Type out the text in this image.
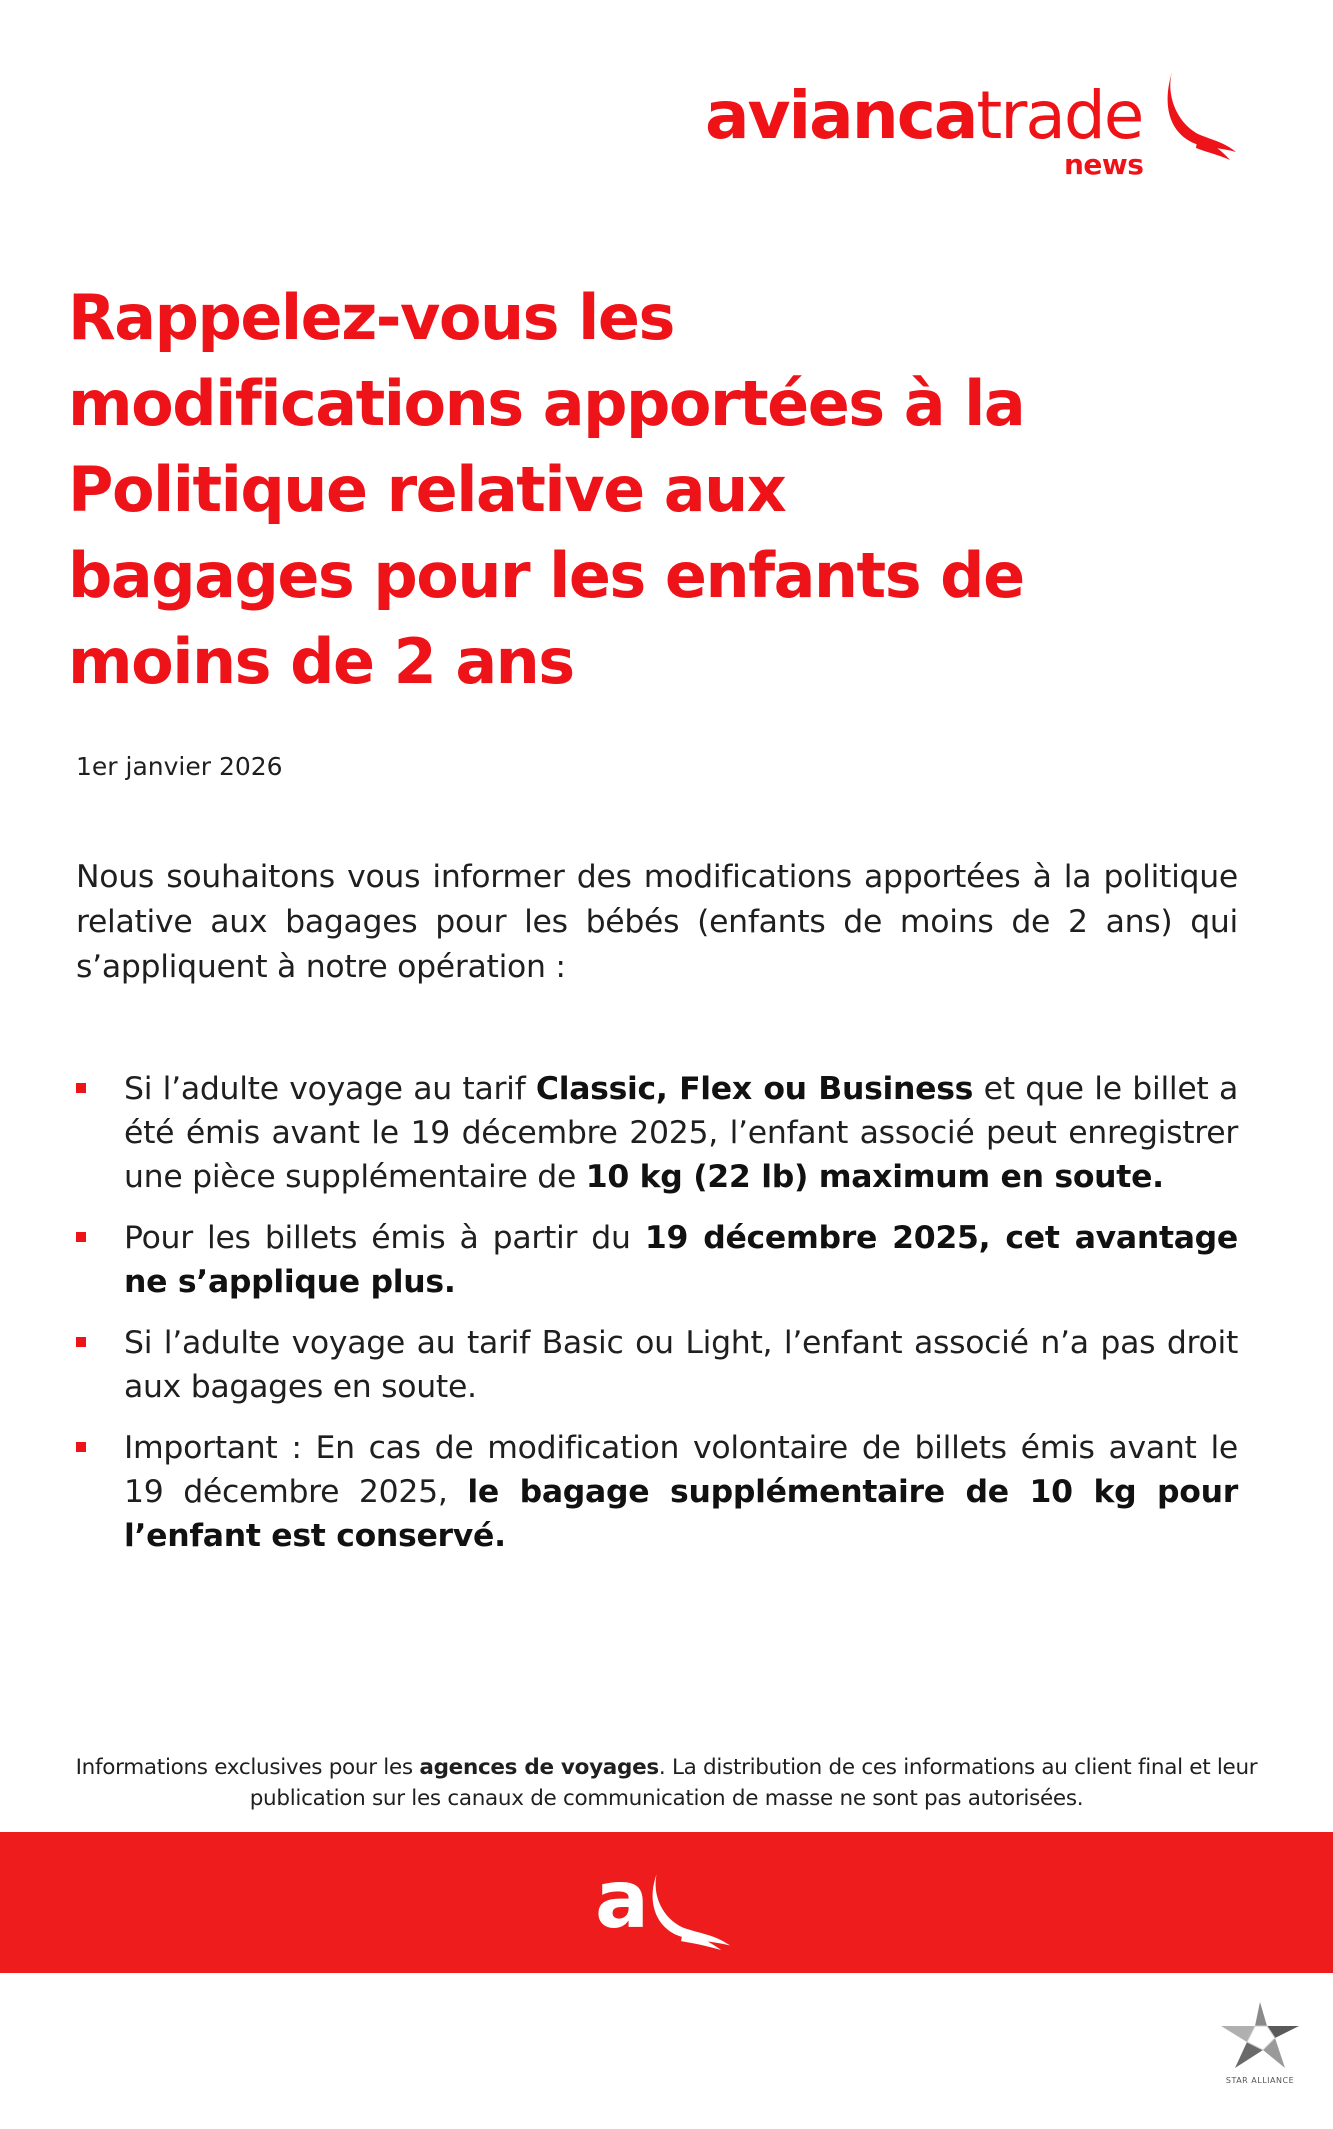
aviancatrade
news
Rappelez-vous les
modifications apportées à la
Politique relative aux
bagages pour les enfants de
moins de 2 ans
1er janvier 2026

Nous souhaitons vous informer des modifications apportées à la politique relative aux bagages pour les bébés (enfants de moins de 2 ans) qui s’appliquent à notre opération :

Si l’adulte voyage au tarif Classic, Flex ou Business et que le billet a été émis avant le 19 décembre 2025, l’enfant associé peut enregistrer une pièce supplémentaire de 10 kg (22 lb) maximum en soute.
Pour les billets émis à partir du 19 décembre 2025, cet avantage ne s’applique plus.
Si l’adulte voyage au tarif Basic ou Light, l’enfant associé n’a pas droit aux bagages en soute.
Important : En cas de modification volontaire de billets émis avant le 19 décembre 2025, le bagage supplémentaire de 10 kg pour l’enfant est conservé.
Informations exclusives pour les agences de voyages. La distribution de ces informations au client final et leur publication sur les canaux de communication de masse ne sont pas autorisées.
a
STAR ALLIANCE
